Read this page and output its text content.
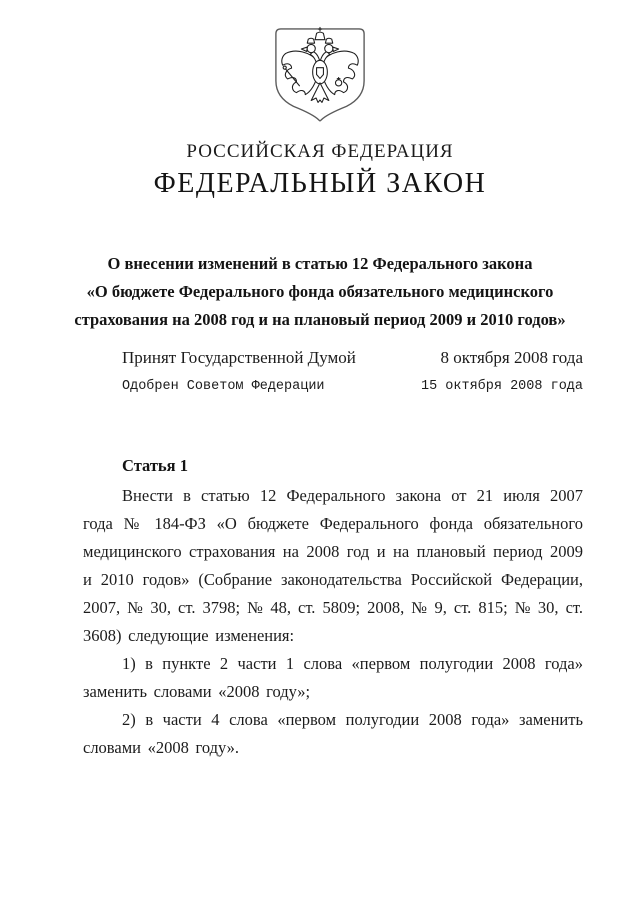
РОССИЙСКАЯ ФЕДЕРАЦИЯ
ФЕДЕРАЛЬНЫЙ ЗАКОН
О внесении изменений в статью 12 Федерального закона
«О бюджете Федерального фонда обязательного медицинского
страхования на 2008 год и на плановый период 2009 и 2010 годов»
Принят Государственной Думой	8 октября 2008 года
Одобрен Советом Федерации	15 октября 2008 года
Статья 1

Внести в статью 12 Федерального закона от 21 июля 2007 года № 184-ФЗ «О бюджете Федерального фонда обязательного медицинского страхования на 2008 год и на плановый период 2009 и 2010 годов» (Собрание законодательства Российской Федерации, 2007, № 30, ст. 3798; № 48, ст. 5809; 2008, № 9, ст. 815; № 30, ст. 3608) следующие изменения:

1) в пункте 2 части 1 слова «первом полугодии 2008 года» заменить словами «2008 году»;

2) в части 4 слова «первом полугодии 2008 года» заменить словами «2008 году».
